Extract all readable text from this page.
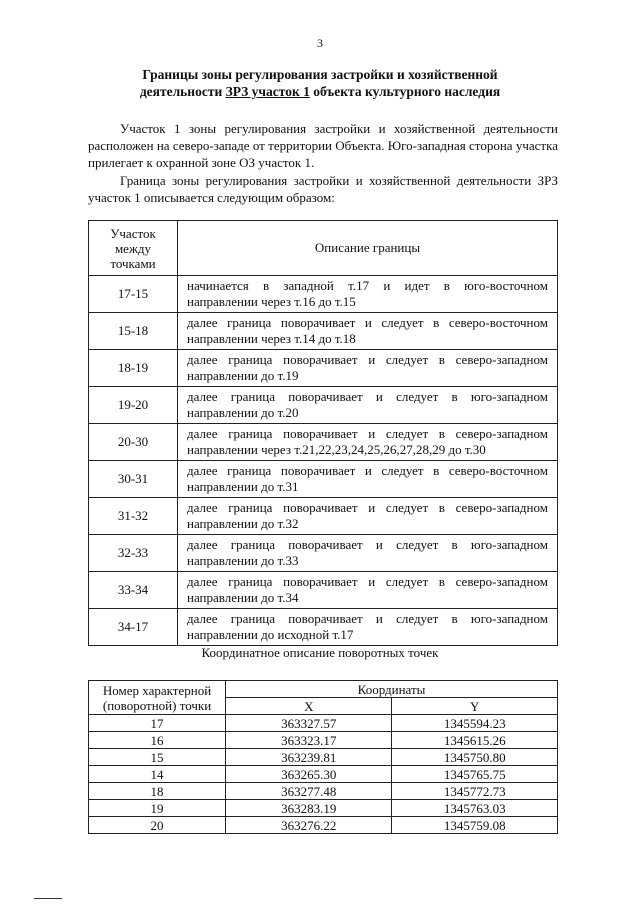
3
Границы зоны регулирования застройки и хозяйственной
деятельности ЗРЗ участок 1 объекта культурного наследия

Участок 1 зоны регулирования застройки и хозяйственной деятельности расположен на северо-западе от территории Объекта. Юго-западная сторона участка прилегает к охранной зоне ОЗ участок 1.

Граница зоны регулирования застройки и хозяйственной деятельности ЗРЗ участок 1 описывается следующим образом:

Участок
между
точками	Описание границы
17-15	начинается в западной т.17 и идет в юго-восточном
направлении через т.16 до т.15
15-18	далее граница поворачивает и следует в северо-восточном
направлении через т.14 до т.18
18-19	далее граница поворачивает и следует в северо-западном
направлении до т.19
19-20	далее граница поворачивает и следует в юго-западном
направлении до т.20
20-30	далее граница поворачивает и следует в северо-западном
направлении через т.21,22,23,24,25,26,27,28,29 до т.30
30-31	далее граница поворачивает и следует в северо-восточном
направлении до т.31
31-32	далее граница поворачивает и следует в северо-западном
направлении до т.32
32-33	далее граница поворачивает и следует в юго-западном
направлении до т.33
33-34	далее граница поворачивает и следует в северо-западном
направлении до т.34
34-17	далее граница поворачивает и следует в юго-западном
направлении до исходной т.17
Координатное описание поворотных точек
Номер характерной
(поворотной) точки	Координаты	
	X	Y
17	363327.57	1345594.23
16	363323.17	1345615.26
15	363239.81	1345750.80
14	363265.30	1345765.75
18	363277.48	1345772.73
19	363283.19	1345763.03
20	363276.22	1345759.08
